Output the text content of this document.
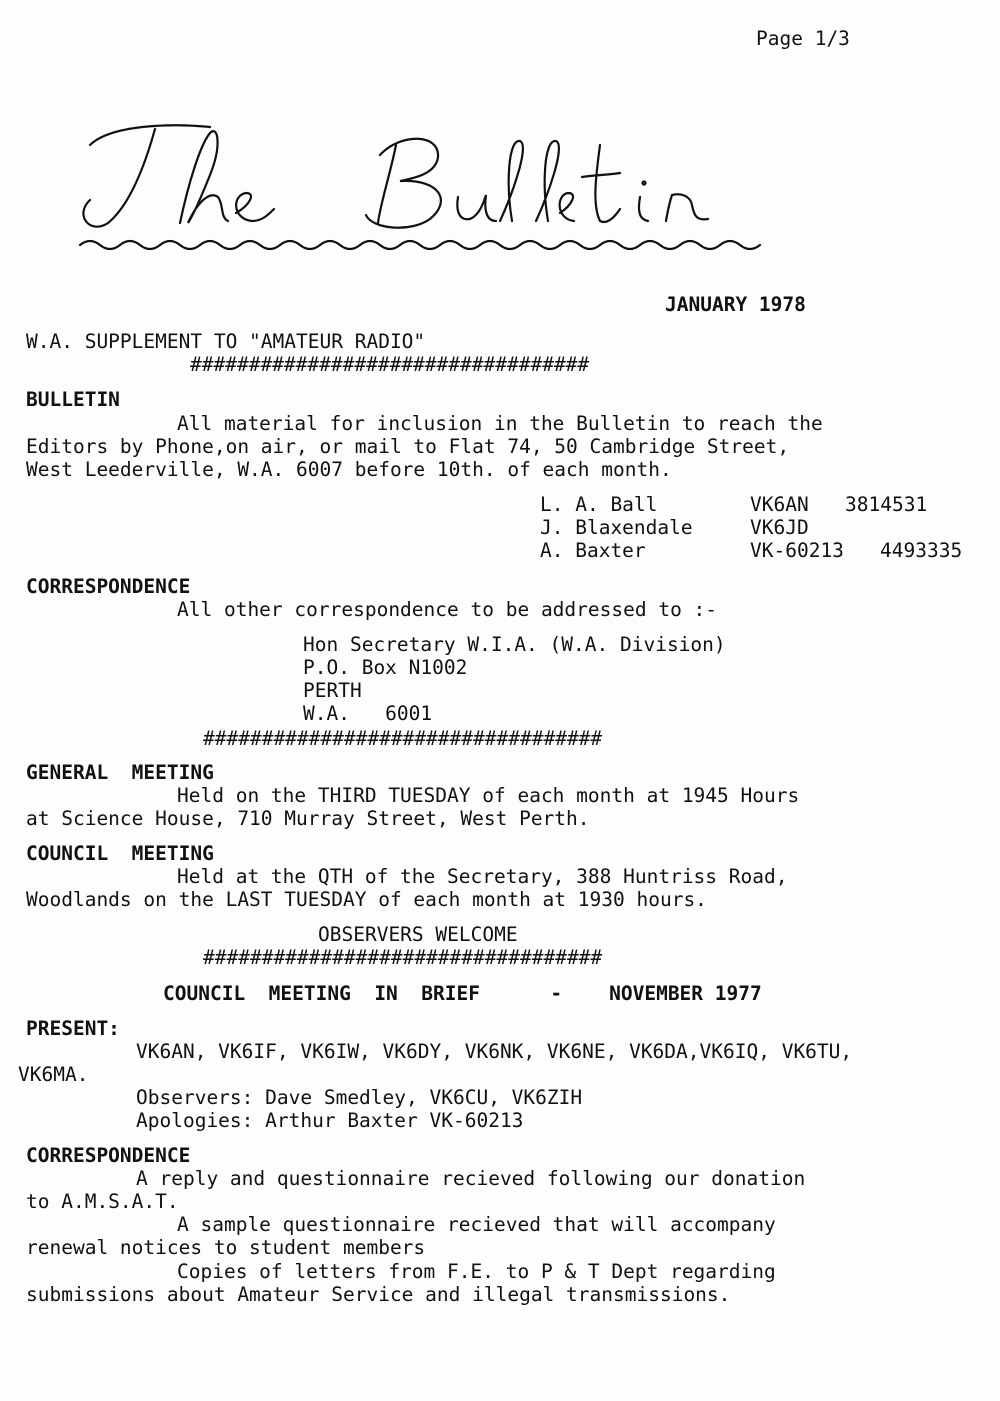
Page 1/3
JANUARY 1978
W.A. SUPPLEMENT TO "AMATEUR RADIO"
##################################
BULLETIN
All material for inclusion in the Bulletin to reach the
Editors by Phone,on air, or mail to Flat 74, 50 Cambridge Street,
West Leederville, W.A. 6007 before 10th. of each month.
L. A. Ball	VK6AN 3814531
J. Blaxendale	VK6JD
A. Baxter	VK-60213 4493335
CORRESPONDENCE
All other correspondence to be addressed to :-
Hon Secretary W.I.A. (W.A. Division)
P.O. Box N1002
PERTH
W.A.   6001
##################################
GENERAL  MEETING
Held on the THIRD TUESDAY of each month at 1945 Hours
at Science House, 710 Murray Street, West Perth.
COUNCIL  MEETING
Held at the QTH of the Secretary, 388 Huntriss Road,
Woodlands on the LAST TUESDAY of each month at 1930 hours.
OBSERVERS WELCOME
##################################
COUNCIL  MEETING  IN  BRIEF      -    NOVEMBER 1977
PRESENT:
VK6AN, VK6IF, VK6IW, VK6DY, VK6NK, VK6NE, VK6DA,VK6IQ, VK6TU,
VK6MA.
Observers: Dave Smedley, VK6CU, VK6ZIH
Apologies: Arthur Baxter VK-60213
CORRESPONDENCE
A reply and questionnaire recieved following our donation
to A.M.S.A.T.
A sample questionnaire recieved that will accompany
renewal notices to student members
Copies of letters from F.E. to P & T Dept regarding
submissions about Amateur Service and illegal transmissions.
